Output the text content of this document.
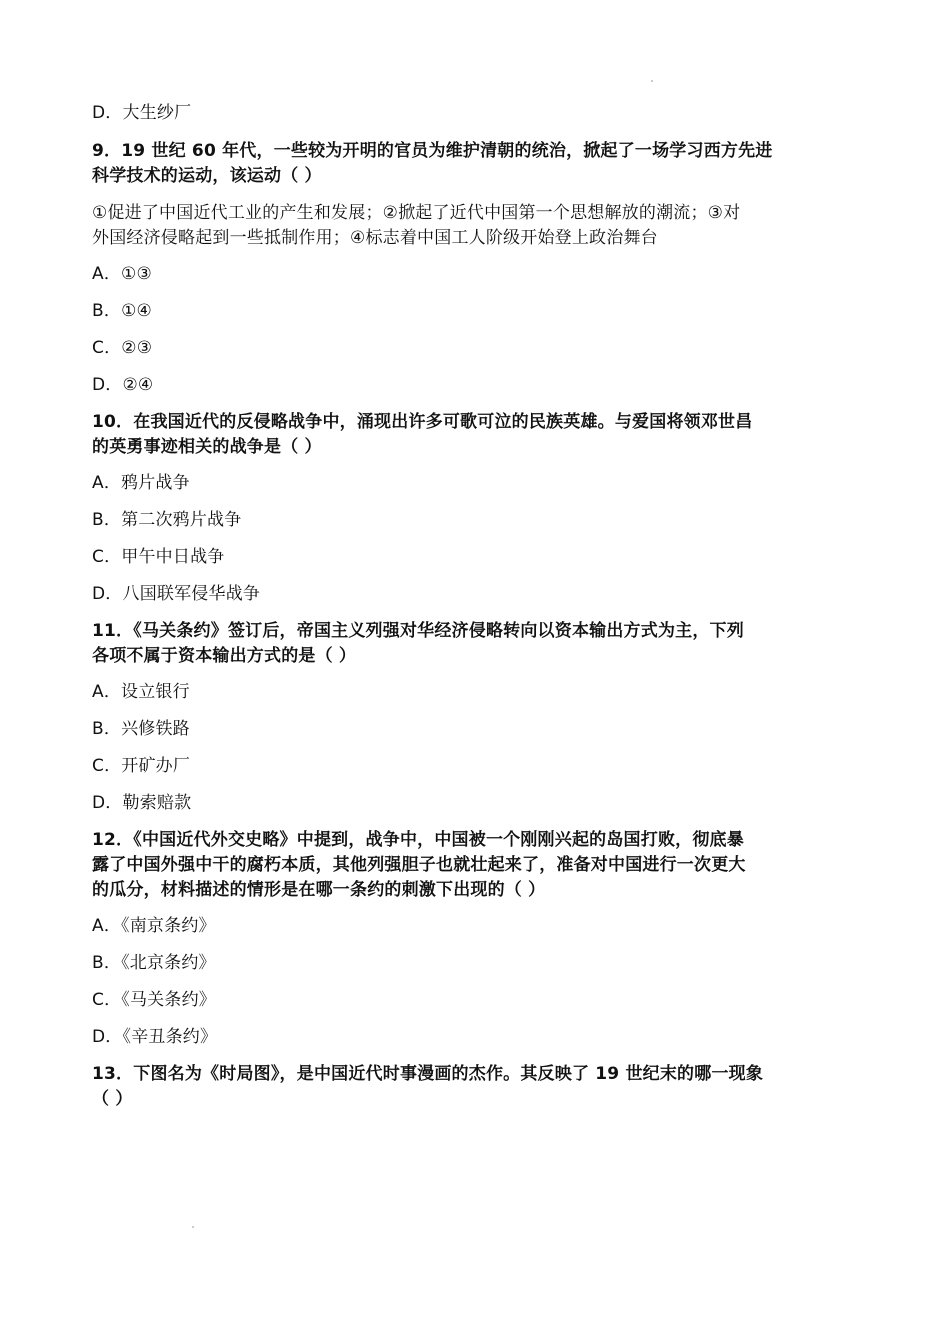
D．大生纱厂
9．19 世纪 60 年代，一些较为开明的官员为维护清朝的统治，掀起了一场学习西方先进
科学技术的运动，该运动（ ）
①促进了中国近代工业的产生和发展；②掀起了近代中国第一个思想解放的潮流；③对
外国经济侵略起到一些抵制作用；④标志着中国工人阶级开始登上政治舞台
A．①③
B．①④
C．②③
D．②④
10．在我国近代的反侵略战争中，涌现出许多可歌可泣的民族英雄。与爱国将领邓世昌
的英勇事迹相关的战争是（ ）
A．鸦片战争
B．第二次鸦片战争
C．甲午中日战争
D．八国联军侵华战争
11．《马关条约》签订后，帝国主义列强对华经济侵略转向以资本输出方式为主，下列
各项不属于资本输出方式的是（ ）
A．设立银行
B．兴修铁路
C．开矿办厂
D．勒索赔款
12．《中国近代外交史略》中提到，战争中，中国被一个刚刚兴起的岛国打败，彻底暴
露了中国外强中干的腐朽本质，其他列强胆子也就壮起来了，准备对中国进行一次更大
的瓜分，材料描述的情形是在哪一条约的刺激下出现的（ ）
A．《南京条约》
B．《北京条约》
C．《马关条约》
D．《辛丑条约》
13．下图名为《时局图》，是中国近代时事漫画的杰作。其反映了 19 世纪末的哪一现象
（ ）
